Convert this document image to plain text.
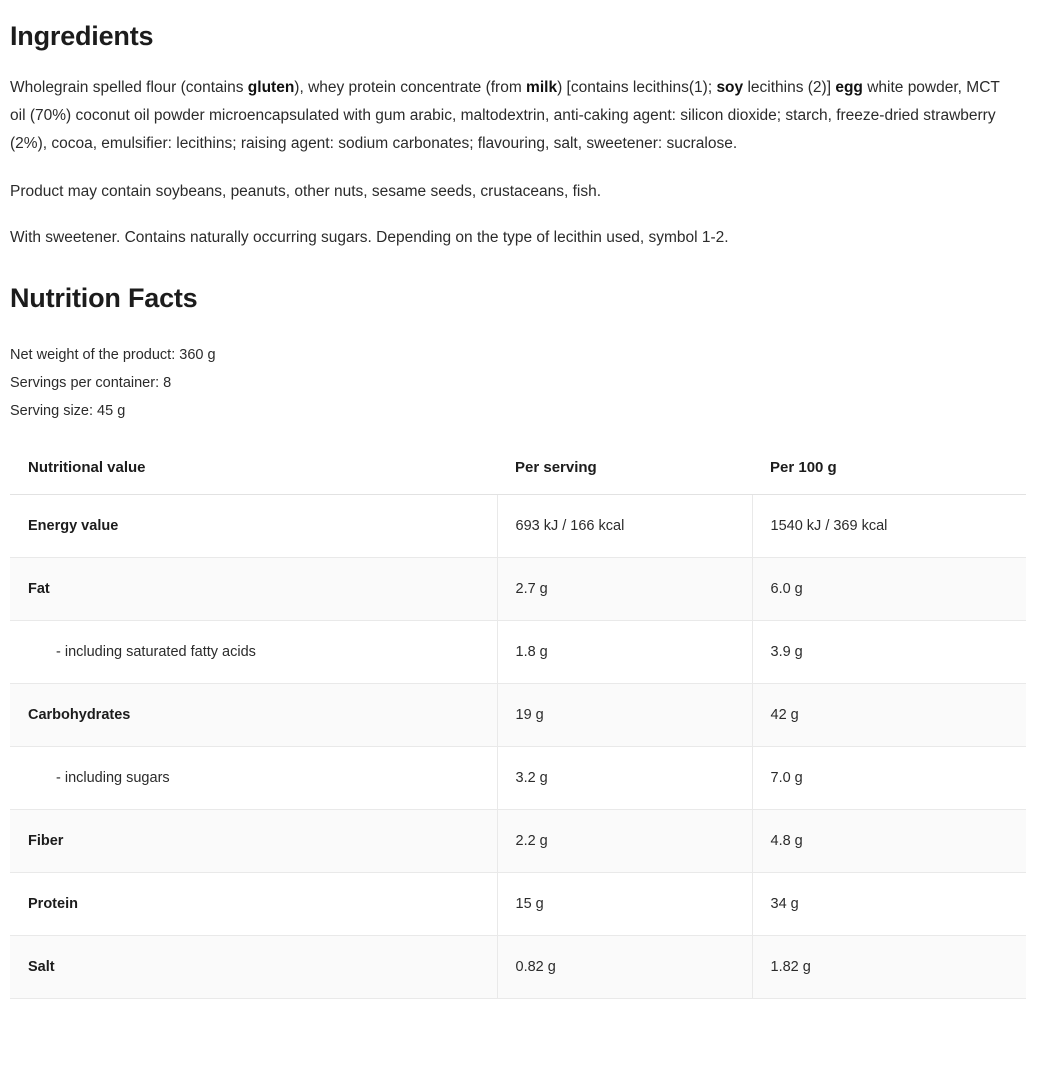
Ingredients

Wholegrain spelled flour (contains gluten), whey protein concentrate (from milk) [contains lecithins(1); soy lecithins (2)] egg white powder, MCT oil (70%) coconut oil powder microencapsulated with gum arabic, maltodextrin, anti-caking agent: silicon dioxide; starch, freeze-dried strawberry (2%), cocoa, emulsifier: lecithins; raising agent: sodium carbonates; flavouring, salt, sweetener: sucralose.

Product may contain soybeans, peanuts, other nuts, sesame seeds, crustaceans, fish.

With sweetener. Contains naturally occurring sugars. Depending on the type of lecithin used, symbol 1-2.

Nutrition Facts
Net weight of the product: 360 g
Servings per container: 8
Serving size: 45 g
Nutritional value	Per serving	Per 100 g
Energy value	693 kJ / 166 kcal	1540 kJ / 369 kcal
Fat	2.7 g	6.0 g
- including saturated fatty acids	1.8 g	3.9 g
Carbohydrates	19 g	42 g
- including sugars	3.2 g	7.0 g
Fiber	2.2 g	4.8 g
Protein	15 g	34 g
Salt	0.82 g	1.82 g
